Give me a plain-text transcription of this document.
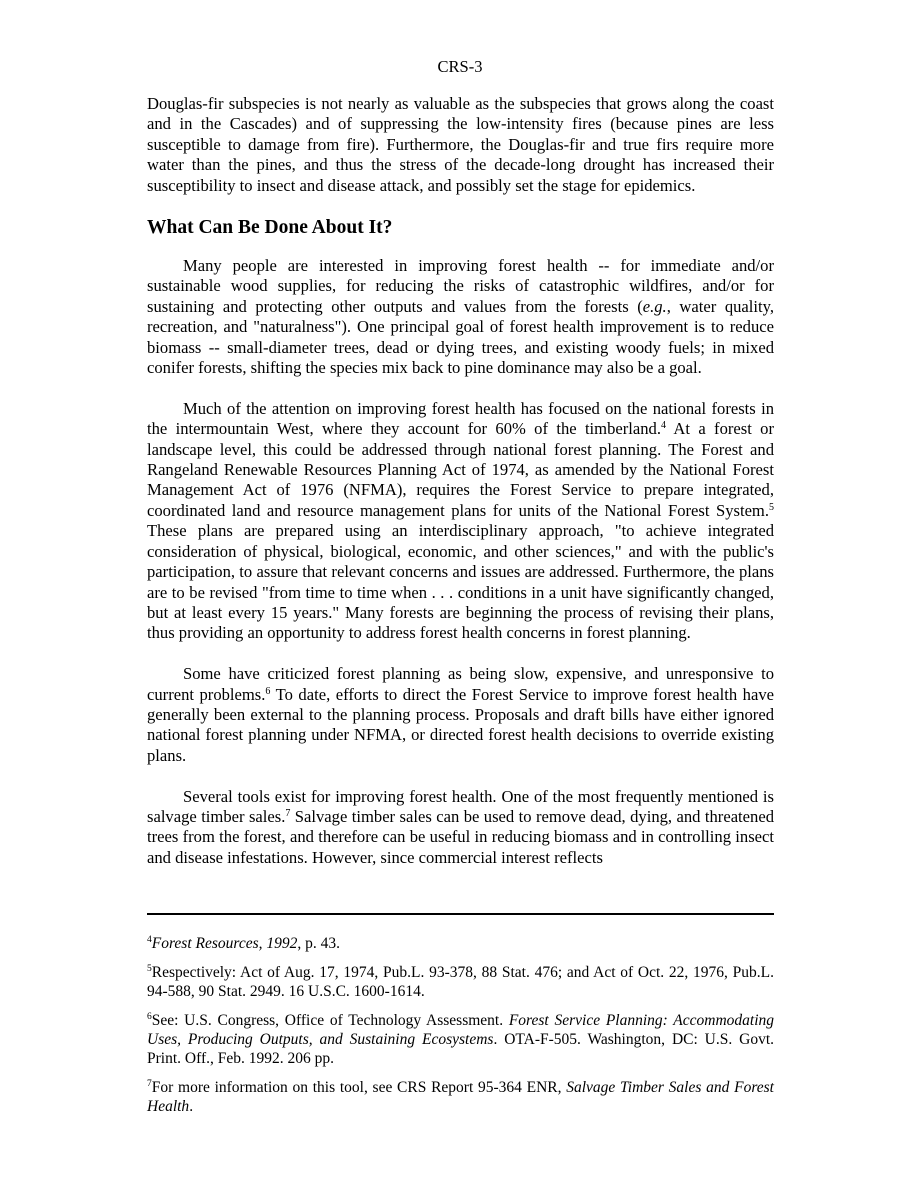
CRS-3

Douglas-fir subspecies is not nearly as valuable as the subspecies that grows along the coast and in the Cascades) and of suppressing the low-intensity fires (because pines are less susceptible to damage from fire). Furthermore, the Douglas-fir and true firs require more water than the pines, and thus the stress of the decade-long drought has increased their susceptibility to insect and disease attack, and possibly set the stage for epidemics.

What Can Be Done About It?

Many people are interested in improving forest health -- for immediate and/or sustainable wood supplies, for reducing the risks of catastrophic wildfires, and/or for sustaining and protecting other outputs and values from the forests (e.g., water quality, recreation, and "naturalness"). One principal goal of forest health improvement is to reduce biomass -- small-diameter trees, dead or dying trees, and existing woody fuels; in mixed conifer forests, shifting the species mix back to pine dominance may also be a goal.

Much of the attention on improving forest health has focused on the national forests in the intermountain West, where they account for 60% of the timberland.$^4$ At a forest or landscape level, this could be addressed through national forest planning. The Forest and Rangeland Renewable Resources Planning Act of 1974, as amended by the National Forest Management Act of 1976 (NFMA), requires the Forest Service to prepare integrated, coordinated land and resource management plans for units of the National Forest System.$^5$ These plans are prepared using an interdisciplinary approach, "to achieve integrated consideration of physical, biological, economic, and other sciences," and with the public's participation, to assure that relevant concerns and issues are addressed. Furthermore, the plans are to be revised "from time to time when . . . conditions in a unit have significantly changed, but at least every 15 years." Many forests are beginning the process of revising their plans, thus providing an opportunity to address forest health concerns in forest planning.

Some have criticized forest planning as being slow, expensive, and unresponsive to current problems.$^6$ To date, efforts to direct the Forest Service to improve forest health have generally been external to the planning process. Proposals and draft bills have either ignored national forest planning under NFMA, or directed forest health decisions to override existing plans.

Several tools exist for improving forest health. One of the most frequently mentioned is salvage timber sales.$^7$ Salvage timber sales can be used to remove dead, dying, and threatened trees from the forest, and therefore can be useful in reducing biomass and in controlling insect and disease infestations. However, since commercial interest reflects

$^4$Forest Resources, 1992, p. 43.

$^5$Respectively: Act of Aug. 17, 1974, Pub.L. 93-378, 88 Stat. 476; and Act of Oct. 22, 1976, Pub.L. 94-588, 90 Stat. 2949. 16 U.S.C. 1600-1614.

$^6$See: U.S. Congress, Office of Technology Assessment. Forest Service Planning: Accommodating Uses, Producing Outputs, and Sustaining Ecosystems. OTA-F-505. Washington, DC: U.S. Govt. Print. Off., Feb. 1992. 206 pp.

$^7$For more information on this tool, see CRS Report 95-364 ENR, Salvage Timber Sales and Forest Health.
